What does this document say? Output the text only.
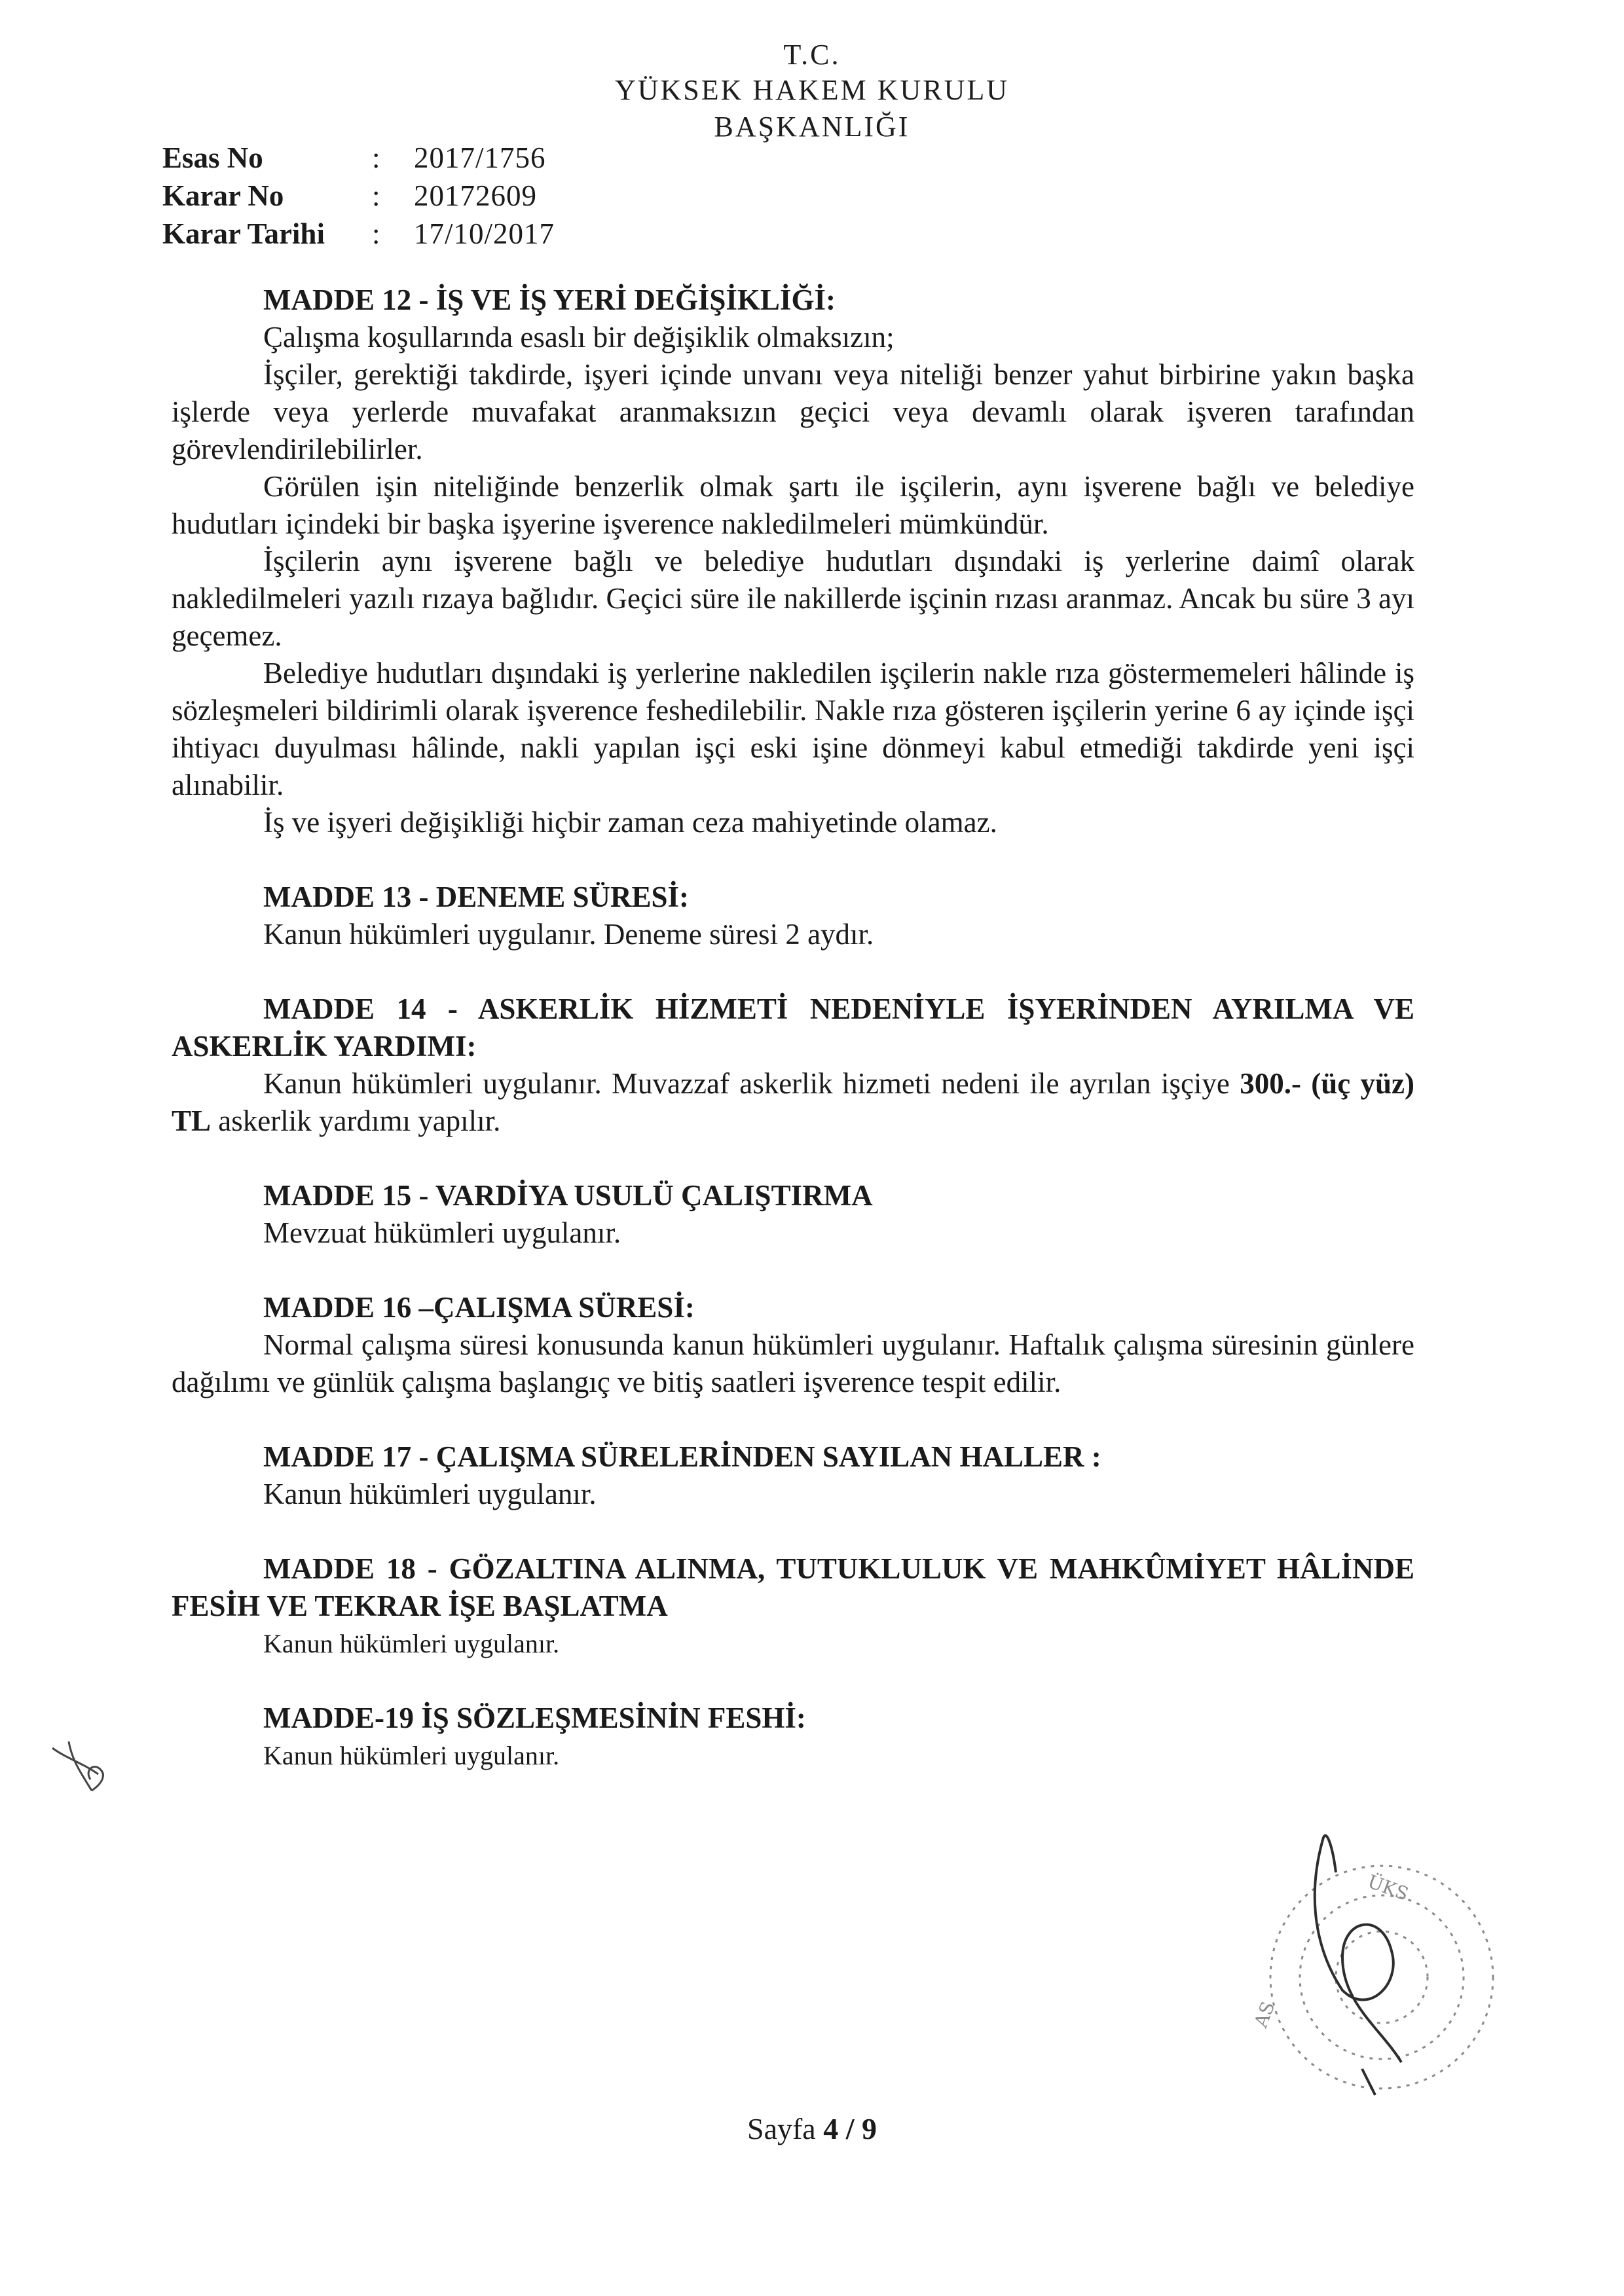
T.C.
YÜKSEK HAKEM KURULU
BAŞKANLIĞI
Esas No	:	2017/1756
Karar No	:	20172609
Karar Tarihi	:	17/10/2017
MADDE 12 - İŞ VE İŞ YERİ DEĞİŞİKLİĞİ:

Çalışma koşullarında esaslı bir değişiklik olmaksızın;

İşçiler, gerektiği takdirde, işyeri içinde unvanı veya niteliği benzer yahut birbirine yakın başka işlerde veya yerlerde muvafakat aranmaksızın geçici veya devamlı olarak işveren tarafından görevlendirilebilirler.

Görülen işin niteliğinde benzerlik olmak şartı ile işçilerin, aynı işverene bağlı ve belediye hudutları içindeki bir başka işyerine işverence nakledilmeleri mümkündür.

İşçilerin aynı işverene bağlı ve belediye hudutları dışındaki iş yerlerine daimî olarak nakledilmeleri yazılı rızaya bağlıdır. Geçici süre ile nakillerde işçinin rızası aranmaz. Ancak bu süre 3 ayı geçemez.

Belediye hudutları dışındaki iş yerlerine nakledilen işçilerin nakle rıza göstermemeleri hâlinde iş sözleşmeleri bildirimli olarak işverence feshedilebilir. Nakle rıza gösteren işçilerin yerine 6 ay içinde işçi ihtiyacı duyulması hâlinde, nakli yapılan işçi eski işine dönmeyi kabul etmediği takdirde yeni işçi alınabilir.

İş ve işyeri değişikliği hiçbir zaman ceza mahiyetinde olamaz.

MADDE 13 - DENEME SÜRESİ:

Kanun hükümleri uygulanır. Deneme süresi 2 aydır.

MADDE 14 - ASKERLİK HİZMETİ NEDENİYLE İŞYERİNDEN AYRILMA VE ASKERLİK YARDIMI:

Kanun hükümleri uygulanır. Muvazzaf askerlik hizmeti nedeni ile ayrılan işçiye 300.- (üç yüz) TL askerlik yardımı yapılır.

MADDE 15 - VARDİYA USULÜ ÇALIŞTIRMA

Mevzuat hükümleri uygulanır.

MADDE 16 –ÇALIŞMA SÜRESİ:

Normal çalışma süresi konusunda kanun hükümleri uygulanır. Haftalık çalışma süresinin günlere dağılımı ve günlük çalışma başlangıç ve bitiş saatleri işverence tespit edilir.

MADDE 17 - ÇALIŞMA SÜRELERİNDEN SAYILAN HALLER :

Kanun hükümleri uygulanır.

MADDE 18 - GÖZALTINA ALINMA, TUTUKLULUK VE MAHKÛMİYET HÂLİNDE FESİH VE TEKRAR İŞE BAŞLATMA

Kanun hükümleri uygulanır.

MADDE-19 İŞ SÖZLEŞMESİNİN FESHİ:

Kanun hükümleri uygulanır.

ÜKS
AS
Sayfa 4 / 9
